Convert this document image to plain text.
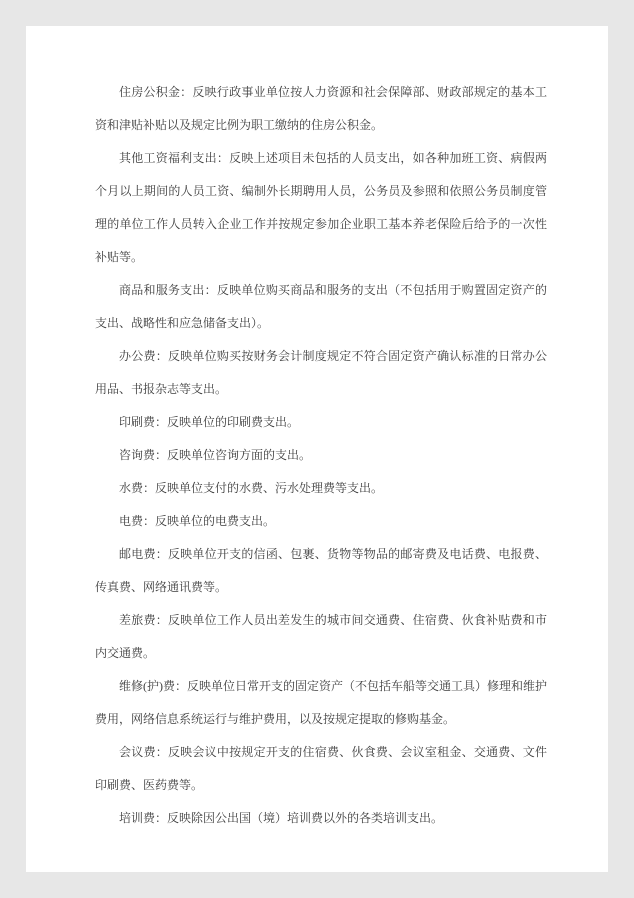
住房公积金：反映行政事业单位按人力资源和社会保障部、财政部规定的基本工资和津贴补贴以及规定比例为职工缴纳的住房公积金。

其他工资福利支出：反映上述项目未包括的人员支出，如各种加班工资、病假两个月以上期间的人员工资、编制外长期聘用人员，公务员及参照和依照公务员制度管理的单位工作人员转入企业工作并按规定参加企业职工基本养老保险后给予的一次性补贴等。

商品和服务支出：反映单位购买商品和服务的支出（不包括用于购置固定资产的支出、战略性和应急储备支出）。

办公费：反映单位购买按财务会计制度规定不符合固定资产确认标准的日常办公用品、书报杂志等支出。

印刷费：反映单位的印刷费支出。

咨询费：反映单位咨询方面的支出。

水费：反映单位支付的水费、污水处理费等支出。

电费：反映单位的电费支出。

邮电费：反映单位开支的信函、包裹、货物等物品的邮寄费及电话费、电报费、传真费、网络通讯费等。

差旅费：反映单位工作人员出差发生的城市间交通费、住宿费、伙食补贴费和市内交通费。

维修(护)费：反映单位日常开支的固定资产（不包括车船等交通工具）修理和维护费用，网络信息系统运行与维护费用，以及按规定提取的修购基金。

会议费：反映会议中按规定开支的住宿费、伙食费、会议室租金、交通费、文件印刷费、医药费等。

培训费：反映除因公出国（境）培训费以外的各类培训支出。
